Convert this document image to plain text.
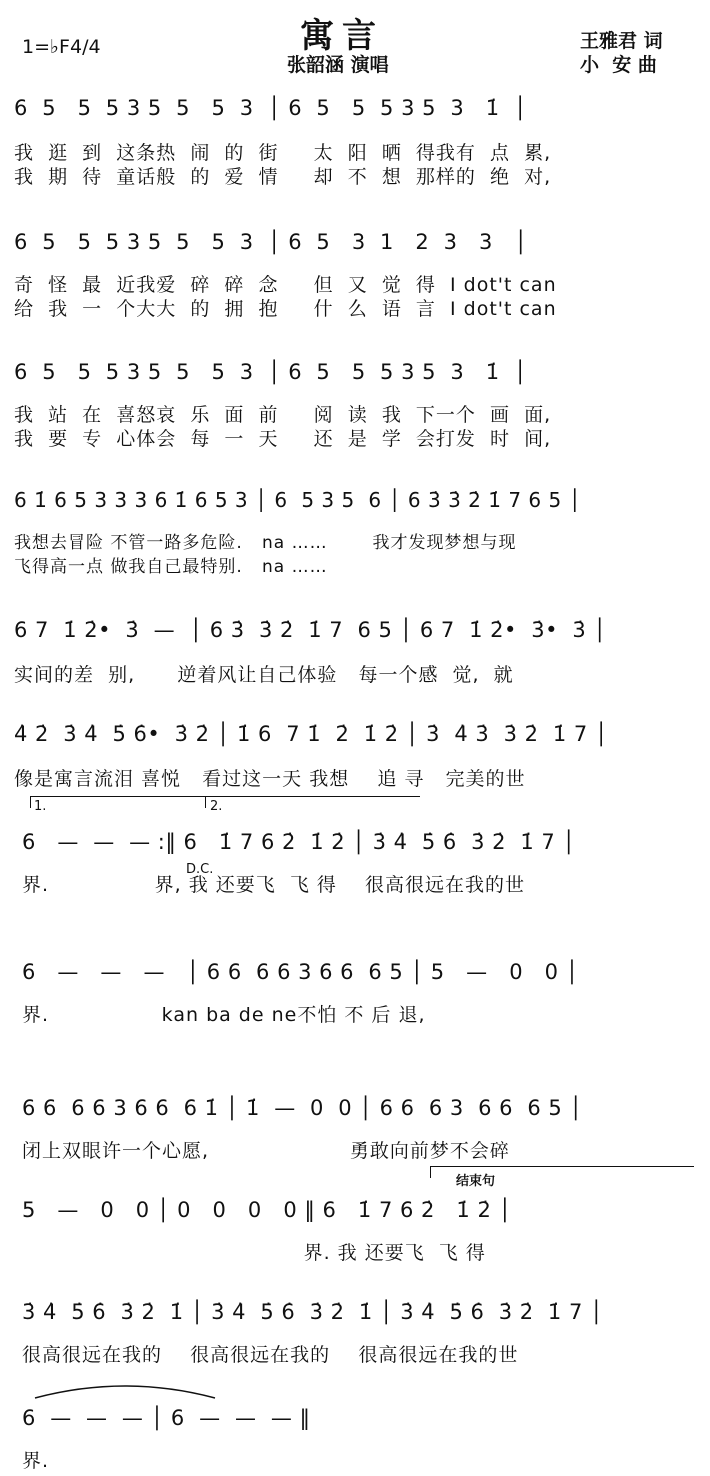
1=♭F 4/4	寓言
张韶涵 演唱
王雅君 词
小  安 曲
6  5   5  5 3 5  5   5  3  │ 6  5   5  5 3 5  3   1̇  │
我  逛  到  这条热  闹  的  街     太  阳  晒  得我有  点  累,
我  期  待  童话般  的  爱  情     却  不  想  那样的  绝  对,
6  5   5  5 3 5  5   5  3  │ 6  5   3  1   2  3   3   │
奇  怪  最  近我爱  碎  碎  念     但  又  觉  得  I dot't can
给  我  一  个大大  的  拥  抱     什  么  语  言  I dot't can
6  5   5  5 3 5  5   5  3  │ 6  5   5  5 3 5  3   1̇  │
我  站  在  喜怒哀  乐  面  前     阅  读  我  下一个  画  面,
我  要  专  心体会  每  一  天     还  是  学  会打发  时  间,
6 1̇ 6 5 3 3 3 6 1̇ 6 5 3 │ 6  5 3 5  6 │ 6 3̇ 3̇ 2̇ 1̇ 7 6 5 │
我想去冒险 不管一路多危险.   na ……       我才发现梦想与现
飞得高一点 做我自己最特别.   na ……
6 7  1̇ 2̇•  3̇  —  │ 6 3̇  3̇ 2̇  1̇ 7  6 5 │ 6 7  1̇ 2̇•  3̇•  3̇ │
实间的差  别,      逆着风让自己体验   每一个感  觉,  就
4̇ 2̇  3̇ 4̇  5̇ 6̇•  3̇ 2̇ │ 1̇ 6  7 1̇  2̇  1̇ 2̇ │ 3̇  4̇ 3̇  3̇ 2̇  1̇ 7 │
像是寓言流泪 喜悦   看过这一天 我想    追 寻   完美的世
1.	2.
6   —  —  — :‖ 6   1̇ 7 6 2̇  1̇ 2̇ │ 3̇ 4̇  5̇ 6̇  3̇ 2̇  1̇ 7 │
D.C.
界.               界, 我 还要飞  飞 得    很高很远在我的世
6   —   —   —   │ 6 6  6 6 3 6 6  6 5 │ 5   —   0   0 │
界.                kan ba de ne不怕 不 后 退,
6 6  6 6 3 6 6  6 1̇ │ 1̇  —  0  0 │ 6 6  6 3  6 6  6 5 │
闭上双眼许一个心愿,                    勇敢向前梦不会碎
结束句
5   —   0   0 │ 0   0   0   0 ‖ 6   1̇ 7 6 2̇   1̇ 2̇ │
界. 我 还要飞  飞 得
3̇ 4̇  5̇ 6̇  3̇ 2̇  1̇ │ 3̇ 4̇  5̇ 6̇  3̇ 2̇  1̇ │ 3̇ 4̇  5̇ 6̇  3̇ 2̇  1̇ 7 │
很高很远在我的    很高很远在我的    很高很远在我的世
6  —  —  — │ 6  —  —  — ‖
界.
